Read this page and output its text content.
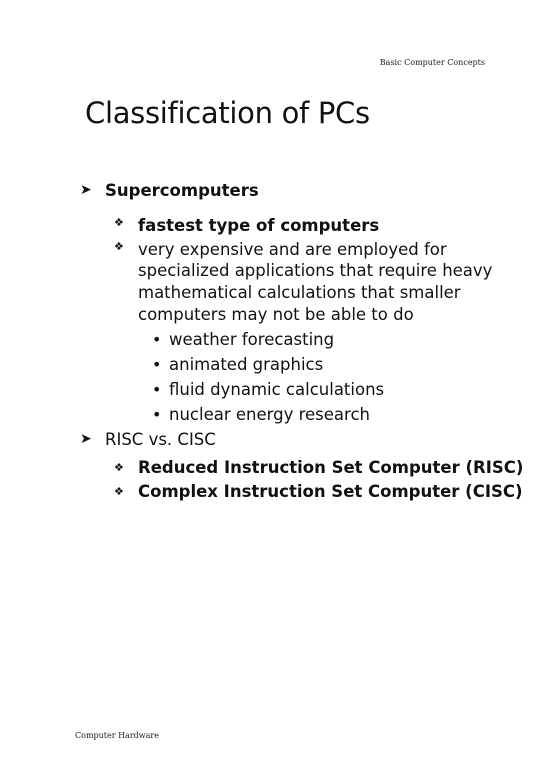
Basic Computer Concepts
Classification of PCs
➤ Supercomputers

❖ fastest type of computers

❖ very expensive and are employed for

specialized applications that require heavy

mathematical calculations that smaller

computers may not be able to do

• weather forecasting

• animated graphics

• fluid dynamic calculations

• nuclear energy research

➤ RISC vs. CISC

❖ Reduced Instruction Set Computer (RISC)

❖ Complex Instruction Set Computer (CISC)

Computer Hardware
